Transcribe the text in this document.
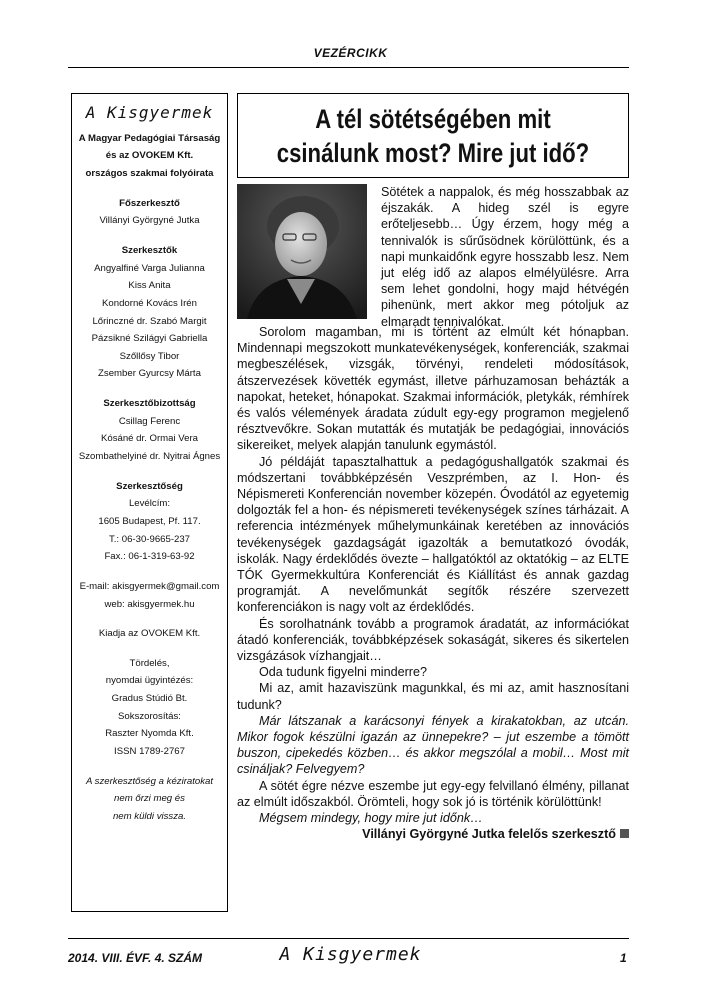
VEZÉRCIKK
A Kisgyermek
A Magyar Pedagógiai Társaság
és az OVOKEM Kft.
országos szakmai folyóirata
Főszerkesztő
Villányi Györgyné Jutka
Szerkesztők
Angyalfiné Varga Julianna
Kiss Anita
Kondorné Kovács Irén
Lőrinczné dr. Szabó Margit
Pázsikné Szilágyi Gabriella
Szőllősy Tibor
Zsember Gyurcsy Márta
Szerkesztőbizottság
Csillag Ferenc
Kósáné dr. Ormai Vera
Szombathelyiné dr. Nyitrai Ágnes
Szerkesztőség
Levélcím:
1605 Budapest, Pf. 117.
T.: 06-30-9665-237
Fax.: 06-1-319-63-92
E-mail: akisgyermek@gmail.com
web: akisgyermek.hu
Kiadja az OVOKEM Kft.
Tördelés,
nyomdai ügyintézés:
Gradus Stúdió Bt.
Sokszorosítás:
Raszter Nyomda Kft.
ISSN 1789-2767
A szerkesztőség a kéziratokat
nem őrzi meg és
nem küldi vissza.
A tél sötétségében mit
csinálunk most? Mire jut idő?

Sötétek a nappalok, és még hosszabbak az éjszakák. A hideg szél is egyre erőteljesebb… Úgy érzem, hogy még a tennivalók is sűrűsödnek körülöttünk, és a napi munkaidőnk egyre hosszabb lesz. Nem jut elég idő az alapos elmélyülésre. Arra sem lehet gondolni, hogy majd hétvégén pihenünk, mert akkor meg pótoljuk az elmaradt tennivalókat.

Sorolom magamban, mi is történt az elmúlt két hónapban. Mindennapi megszokott munkatevékenységek, konferenciák, szakmai megbeszélések, vizsgák, törvényi, rendeleti módosítások, átszervezések követték egymást, illetve párhuzamosan beházták a napokat, heteket, hónapokat. Szakmai információk, pletykák, rémhírek és valós vélemények áradata zúdult egy-egy programon megjelenő résztvevőkre. Sokan mutatták és mutatják be pedagógiai, innovációs sikereiket, melyek alapján tanulunk egymástól.

Jó példáját tapasztalhattuk a pedagógushallgatók szakmai és módszertani továbbképzésén Veszprémben, az I. Hon- és Népismereti Konferencián november közepén. Óvodától az egyetemig dolgozták fel a hon- és népismereti tevékenységek színes tárházait. A referencia intézmények műhelymunkáinak keretében az innovációs tevékenységek gazdagságát igazolták a bemutatkozó óvodák, iskolák. Nagy érdeklődés övezte – hallgatóktól az oktatókig – az ELTE TÓK Gyermekkultúra Konferenciát és Kiállítást és annak gazdag programját. A nevelőmunkát segítők részére szervezett konferenciákon is nagy volt az érdeklődés.

És sorolhatnánk tovább a programok áradatát, az információkat átadó konferenciák, továbbképzések sokaságát, sikeres és sikertelen vizsgázások vízhangjait…

Oda tudunk figyelni minderre?

Mi az, amit hazaviszünk magunkkal, és mi az, amit hasznosítani tudunk?

Már látszanak a karácsonyi fények a kirakatokban, az utcán. Mikor fogok készülni igazán az ünnepekre? – jut eszembe a tömött buszon, cipekedés közben… és akkor megszólal a mobil… Most mit csináljak? Felvegyem?

A sötét égre nézve eszembe jut egy-egy felvillanó élmény, pillanat az elmúlt időszakból. Örömteli, hogy sok jó is történik körülöttünk!

Mégsem mindegy, hogy mire jut időnk…

Villányi Györgyné Jutka felelős szerkesztő

2014. VIII. ÉVF. 4. SZÁM	A Kisgyermek	1
